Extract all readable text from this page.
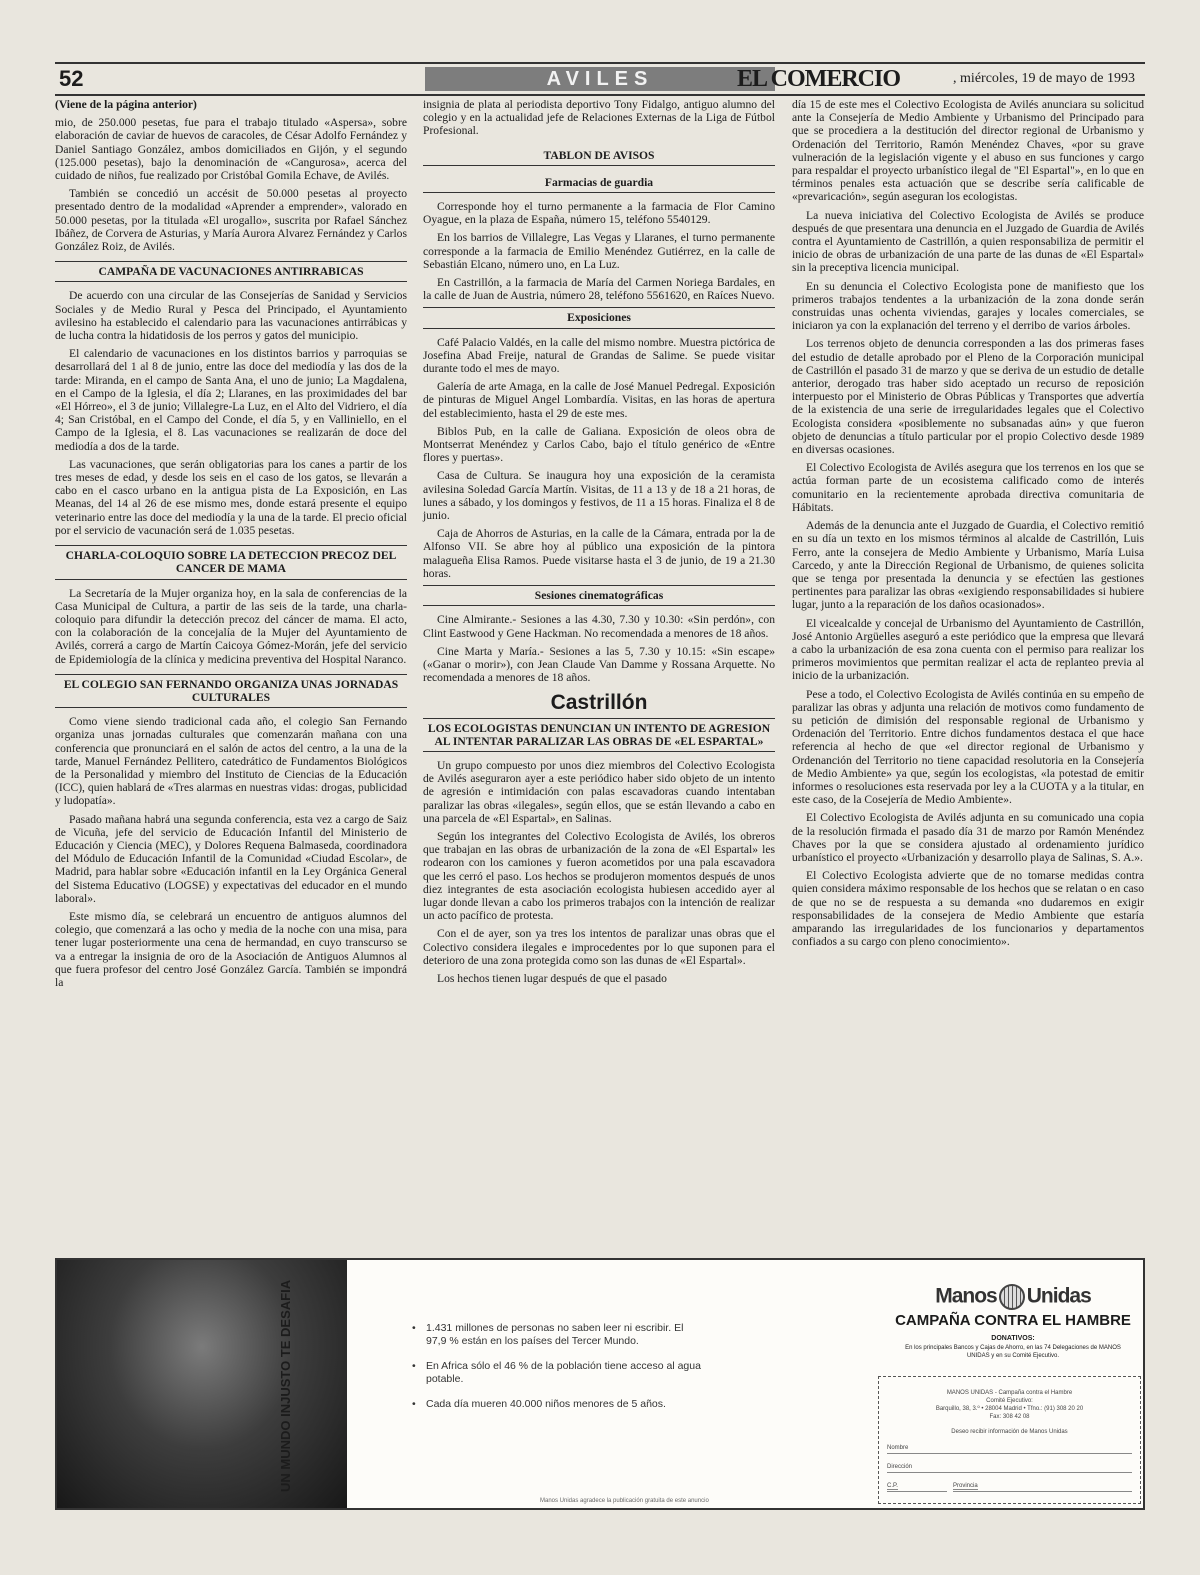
52	AVILES	EL COMERCIO	, miércoles, 19 de mayo de 1993

(Viene de la página anterior)

mio, de 250.000 pesetas, fue para el trabajo titulado «Aspersa», sobre elaboración de caviar de huevos de caracoles, de César Adolfo Fernández y Daniel Santiago González, ambos domiciliados en Gijón, y el segundo (125.000 pesetas), bajo la denominación de «Cangurosa», acerca del cuidado de niños, fue realizado por Cristóbal Gomila Echave, de Avilés.

También se concedió un accésit de 50.000 pesetas al proyecto presentado dentro de la modalidad «Aprender a emprender», valorado en 50.000 pesetas, por la titulada «El urogallo», suscrita por Rafael Sánchez Ibáñez, de Corvera de Asturias, y María Aurora Alvarez Fernández y Carlos González Roiz, de Avilés.

CAMPAÑA DE VACUNACIONES ANTIRRABICAS

De acuerdo con una circular de las Consejerías de Sanidad y Servicios Sociales y de Medio Rural y Pesca del Principado, el Ayuntamiento avilesino ha establecido el calendario para las vacunaciones antirrábicas y de lucha contra la hidatidosis de los perros y gatos del municipio.

El calendario de vacunaciones en los distintos barrios y parroquias se desarrollará del 1 al 8 de junio, entre las doce del mediodía y las dos de la tarde: Miranda, en el campo de Santa Ana, el uno de junio; La Magdalena, en el Campo de la Iglesia, el día 2; Llaranes, en las proximidades del bar «El Hórreo», el 3 de junio; Villalegre-La Luz, en el Alto del Vidriero, el día 4; San Cristóbal, en el Campo del Conde, el día 5, y en Valliniello, en el Campo de la Iglesia, el 8. Las vacunaciones se realizarán de doce del mediodía a dos de la tarde.

Las vacunaciones, que serán obligatorias para los canes a partir de los tres meses de edad, y desde los seis en el caso de los gatos, se llevarán a cabo en el casco urbano en la antigua pista de La Exposición, en Las Meanas, del 14 al 26 de ese mismo mes, donde estará presente el equipo veterinario entre las doce del mediodía y la una de la tarde. El precio oficial por el servicio de vacunación será de 1.035 pesetas.

CHARLA-COLOQUIO SOBRE LA DETECCION PRECOZ DEL CANCER DE MAMA

La Secretaría de la Mujer organiza hoy, en la sala de conferencias de la Casa Municipal de Cultura, a partir de las seis de la tarde, una charla-coloquio para difundir la detección precoz del cáncer de mama. El acto, con la colaboración de la concejalía de la Mujer del Ayuntamiento de Avilés, correrá a cargo de Martín Caicoya Gómez-Morán, jefe del servicio de Epidemiología de la clínica y medicina preventiva del Hospital Naranco.

EL COLEGIO SAN FERNANDO ORGANIZA UNAS JORNADAS CULTURALES

Como viene siendo tradicional cada año, el colegio San Fernando organiza unas jornadas culturales que comenzarán mañana con una conferencia que pronunciará en el salón de actos del centro, a la una de la tarde, Manuel Fernández Pellitero, catedrático de Fundamentos Biológicos de la Personalidad y miembro del Instituto de Ciencias de la Educación (ICC), quien hablará de «Tres alarmas en nuestras vidas: drogas, publicidad y ludopatía».

Pasado mañana habrá una segunda conferencia, esta vez a cargo de Saiz de Vicuña, jefe del servicio de Educación Infantil del Ministerio de Educación y Ciencia (MEC), y Dolores Requena Balmaseda, coordinadora del Módulo de Educación Infantil de la Comunidad «Ciudad Escolar», de Madrid, para hablar sobre «Educación infantil en la Ley Orgánica General del Sistema Educativo (LOGSE) y expectativas del educador en el mundo laboral».

Este mismo día, se celebrará un encuentro de antiguos alumnos del colegio, que comenzará a las ocho y media de la noche con una misa, para tener lugar posteriormente una cena de hermandad, en cuyo transcurso se va a entregar la insignia de oro de la Asociación de Antiguos Alumnos al que fuera profesor del centro José González García. También se impondrá la

insignia de plata al periodista deportivo Tony Fidalgo, antiguo alumno del colegio y en la actualidad jefe de Relaciones Externas de la Liga de Fútbol Profesional.

TABLON DE AVISOS
Farmacias de guardia

Corresponde hoy el turno permanente a la farmacia de Flor Camino Oyague, en la plaza de España, número 15, teléfono 5540129.

En los barrios de Villalegre, Las Vegas y Llaranes, el turno permanente corresponde a la farmacia de Emilio Menéndez Gutiérrez, en la calle de Sebastián Elcano, número uno, en La Luz.

En Castrillón, a la farmacia de María del Carmen Noriega Bardales, en la calle de Juan de Austria, número 28, teléfono 5561620, en Raíces Nuevo.

Exposiciones

Café Palacio Valdés, en la calle del mismo nombre. Muestra pictórica de Josefina Abad Freije, natural de Grandas de Salime. Se puede visitar durante todo el mes de mayo.

Galería de arte Amaga, en la calle de José Manuel Pedregal. Exposición de pinturas de Miguel Angel Lombardía. Visitas, en las horas de apertura del establecimiento, hasta el 29 de este mes.

Biblos Pub, en la calle de Galiana. Exposición de oleos obra de Montserrat Menéndez y Carlos Cabo, bajo el título genérico de «Entre flores y puertas».

Casa de Cultura. Se inaugura hoy una exposición de la ceramista avilesina Soledad García Martín. Visitas, de 11 a 13 y de 18 a 21 horas, de lunes a sábado, y los domingos y festivos, de 11 a 15 horas. Finaliza el 8 de junio.

Caja de Ahorros de Asturias, en la calle de la Cámara, entrada por la de Alfonso VII. Se abre hoy al público una exposición de la pintora malagueña Elisa Ramos. Puede visitarse hasta el 3 de junio, de 19 a 21.30 horas.

Sesiones cinematográficas

Cine Almirante.- Sesiones a las 4.30, 7.30 y 10.30: «Sin perdón», con Clint Eastwood y Gene Hackman. No recomendada a menores de 18 años.

Cine Marta y María.- Sesiones a las 5, 7.30 y 10.15: «Sin escape» («Ganar o morir»), con Jean Claude Van Damme y Rossana Arquette. No recomendada a menores de 18 años.

Castrillón
LOS ECOLOGISTAS DENUNCIAN UN INTENTO DE AGRESION AL INTENTAR PARALIZAR LAS OBRAS DE «EL ESPARTAL»

Un grupo compuesto por unos diez miembros del Colectivo Ecologista de Avilés aseguraron ayer a este periódico haber sido objeto de un intento de agresión e intimidación con palas escavadoras cuando intentaban paralizar las obras «ilegales», según ellos, que se están llevando a cabo en una parcela de «El Espartal», en Salinas.

Según los integrantes del Colectivo Ecologista de Avilés, los obreros que trabajan en las obras de urbanización de la zona de «El Espartal» les rodearon con los camiones y fueron acometidos por una pala escavadora que les cerró el paso. Los hechos se produjeron momentos después de unos diez integrantes de esta asociación ecologista hubiesen accedido ayer al lugar donde llevan a cabo los primeros trabajos con la intención de realizar un acto pacífico de protesta.

Con el de ayer, son ya tres los intentos de paralizar unas obras que el Colectivo considera ilegales e improcedentes por lo que suponen para el deterioro de una zona protegida como son las dunas de «El Espartal».

Los hechos tienen lugar después de que el pasado

día 15 de este mes el Colectivo Ecologista de Avilés anunciara su solicitud ante la Consejería de Medio Ambiente y Urbanismo del Principado para que se procediera a la destitución del director regional de Urbanismo y Ordenación del Territorio, Ramón Menéndez Chaves, «por su grave vulneración de la legislación vigente y el abuso en sus funciones y cargo para respaldar el proyecto urbanístico ilegal de "El Espartal"», en lo que en términos penales esta actuación que se describe sería calificable de «prevaricación», según aseguran los ecologistas.

La nueva iniciativa del Colectivo Ecologista de Avilés se produce después de que presentara una denuncia en el Juzgado de Guardia de Avilés contra el Ayuntamiento de Castrillón, a quien responsabiliza de permitir el inicio de obras de urbanización de una parte de las dunas de «El Espartal» sin la preceptiva licencia municipal.

En su denuncia el Colectivo Ecologista pone de manifiesto que los primeros trabajos tendentes a la urbanización de la zona donde serán construidas unas ochenta viviendas, garajes y locales comerciales, se iniciaron ya con la explanación del terreno y el derribo de varios árboles.

Los terrenos objeto de denuncia corresponden a las dos primeras fases del estudio de detalle aprobado por el Pleno de la Corporación municipal de Castrillón el pasado 31 de marzo y que se deriva de un estudio de detalle anterior, derogado tras haber sido aceptado un recurso de reposición interpuesto por el Ministerio de Obras Públicas y Transportes que advertía de la existencia de una serie de irregularidades legales que el Colectivo Ecologista considera «posiblemente no subsanadas aún» y que fueron objeto de denuncias a título particular por el propio Colectivo desde 1989 en diversas ocasiones.

El Colectivo Ecologista de Avilés asegura que los terrenos en los que se actúa forman parte de un ecosistema calificado como de interés comunitario en la recientemente aprobada directiva comunitaria de Hábitats.

Además de la denuncia ante el Juzgado de Guardia, el Colectivo remitió en su día un texto en los mismos términos al alcalde de Castrillón, Luis Ferro, ante la consejera de Medio Ambiente y Urbanismo, María Luisa Carcedo, y ante la Dirección Regional de Urbanismo, de quienes solicita que se tenga por presentada la denuncia y se efectúen las gestiones pertinentes para paralizar las obras «exigiendo responsabilidades si hubiere lugar, junto a la reparación de los daños ocasionados».

El vicealcalde y concejal de Urbanismo del Ayuntamiento de Castrillón, José Antonio Argüelles aseguró a este periódico que la empresa que llevará a cabo la urbanización de esa zona cuenta con el permiso para realizar los primeros movimientos que permitan realizar el acta de replanteo previa al inicio de la urbanización.

Pese a todo, el Colectivo Ecologista de Avilés continúa en su empeño de paralizar las obras y adjunta una relación de motivos como fundamento de su petición de dimisión del responsable regional de Urbanismo y Ordenación del Territorio. Entre dichos fundamentos destaca el que hace referencia al hecho de que «el director regional de Urbanismo y Ordenanción del Territorio no tiene capacidad resolutoria en la Consejería de Medio Ambiente» ya que, según los ecologistas, «la potestad de emitir informes o resoluciones esta reservada por ley a la CUOTA y a la titular, en este caso, de la Cosejería de Medio Ambiente».

El Colectivo Ecologista de Avilés adjunta en su comunicado una copia de la resolución firmada el pasado día 31 de marzo por Ramón Menéndez Chaves por la que se considera ajustado al ordenamiento jurídico urbanístico el proyecto «Urbanización y desarrollo playa de Salinas, S. A.».

El Colectivo Ecologista advierte que de no tomarse medidas contra quien considera máximo responsable de los hechos que se relatan o en caso de que no se de respuesta a su demanda «no dudaremos en exigir responsabilidades de la consejera de Medio Ambiente que estaría amparando las irregularidades de los funcionarios y departamentos confiados a su cargo con pleno conocimiento».

UN MUNDO INJUSTO TE DESAFIA
•	1.431 millones de personas no saben leer ni escribir. El 97,9 % están en los países del Tercer Mundo.
• En Africa sólo el 46 % de la población tiene acceso al agua potable.
• Cada día mueren 40.000 niños menores de 5 años.
Manos Unidas agradece la publicación gratuita de este anuncio
Manos Unidas
CAMPAÑA CONTRA EL HAMBRE
DONATIVOS:
En los principales Bancos y Cajas de Ahorro, en las 74 Delegaciones de MANOS UNIDAS y en su Comité Ejecutivo.
MANOS UNIDAS - Campaña contra el Hambre
Comité Ejecutivo:
Barquillo, 38, 3.º • 28004 Madrid • Tfno.: (91) 308 20 20
Fax: 308 42 08
Deseo recibir información de Manos Unidas
Nombre
Dirección
C.P.	Provincia
